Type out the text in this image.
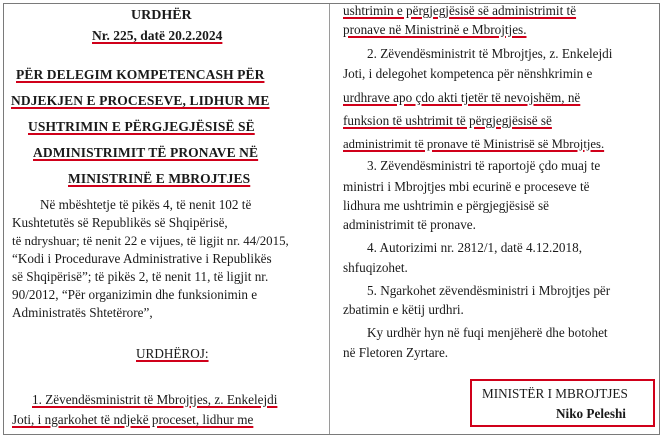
URDHËR
Nr. 225, datë 20.2.2024
PËR DELEGIM KOMPETENCASH PËR
NDJEKJEN E PROCESEVE, LIDHUR ME
USHTRIMIN E PËRGJEGJËSISË SË
ADMINISTRIMIT TË PRONAVE NË
MINISTRINË E MBROJTJES
Në mbështetje të pikës 4, të nenit 102 të
Kushtetutës së Republikës së Shqipërisë,
të ndryshuar; të nenit 22 e vijues, të ligjit nr. 44/2015,
“Kodi i Procedurave Administrative i Republikës
së Shqipërisë”; të pikës 2, të nenit 11, të ligjit nr.
90/2012, “Për organizimin dhe funksionimin e
Administratës Shtetërore”,
URDHËROJ:
1. Zëvendësministrit të Mbrojtjes, z. Enkelejdi
Joti, i ngarkohet të ndjekë proceset, lidhur me
ushtrimin e përgjegjësisë së administrimit të
pronave në Ministrinë e Mbrojtjes.
2. Zëvendësministrit të Mbrojtjes, z. Enkelejdi
Joti, i delegohet kompetenca për nënshkrimin e
urdhrave apo çdo akti tjetër të nevojshëm, në
funksion të ushtrimit të përgjegjësisë së
administrimit të pronave të Ministrisë së Mbrojtjes.
3. Zëvendësministri të raportojë çdo muaj te
ministri i Mbrojtjes mbi ecurinë e proceseve të
lidhura me ushtrimin e përgjegjësisë së
administrimit të pronave.
4. Autorizimi nr. 2812/1, datë 4.12.2018,
shfuqizohet.
5. Ngarkohet zëvendësministri i Mbrojtjes për
zbatimin e këtij urdhri.
Ky urdhër hyn në fuqi menjëherë dhe botohet
në Fletoren Zyrtare.
MINISTËR I MBROJTJES
Niko Peleshi
